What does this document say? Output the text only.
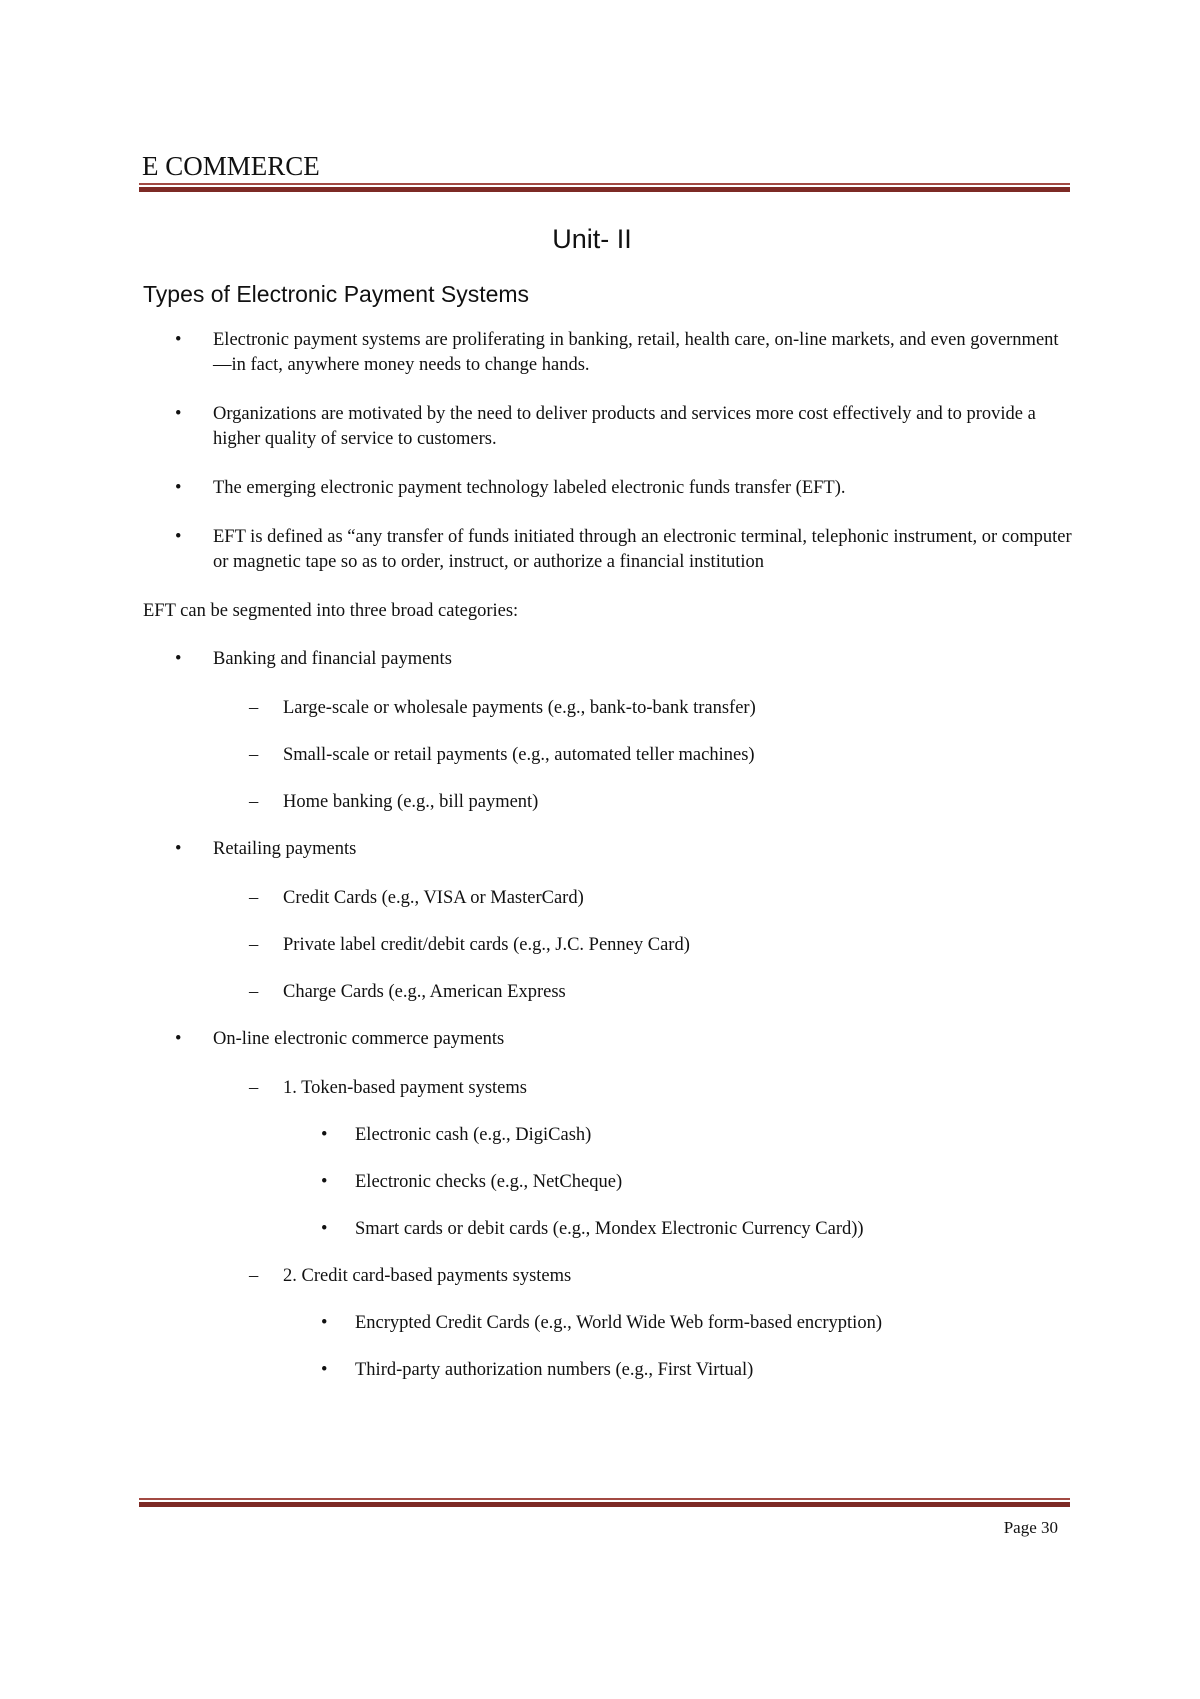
E COMMERCE
Unit- II
Types of Electronic Payment Systems
• Electronic payment systems are proliferating in banking, retail, health care, on-line markets, and even government—in fact, anywhere money needs to change hands.
• Organizations are motivated by the need to deliver products and services more cost effectively and to provide a higher quality of service to customers.
• The emerging electronic payment technology labeled electronic funds transfer (EFT).
• EFT is defined as “any transfer of funds initiated through an electronic terminal, telephonic instrument, or computer or magnetic tape so as to order, instruct, or authorize a financial institution
EFT can be segmented into three broad categories:
• Banking and financial payments
– Large-scale or wholesale payments (e.g., bank-to-bank transfer)
– Small-scale or retail payments (e.g., automated teller machines)
– Home banking (e.g., bill payment)
• Retailing payments
– Credit Cards (e.g., VISA or MasterCard)
– Private label credit/debit cards (e.g., J.C. Penney Card)
– Charge Cards (e.g., American Express
• On-line electronic commerce payments
– 1. Token-based payment systems
• Electronic cash (e.g., DigiCash)
• Electronic checks (e.g., NetCheque)
• Smart cards or debit cards (e.g., Mondex Electronic Currency Card))
– 2. Credit card-based payments systems
• Encrypted Credit Cards (e.g., World Wide Web form-based encryption)
• Third-party authorization numbers (e.g., First Virtual)
Page 30
